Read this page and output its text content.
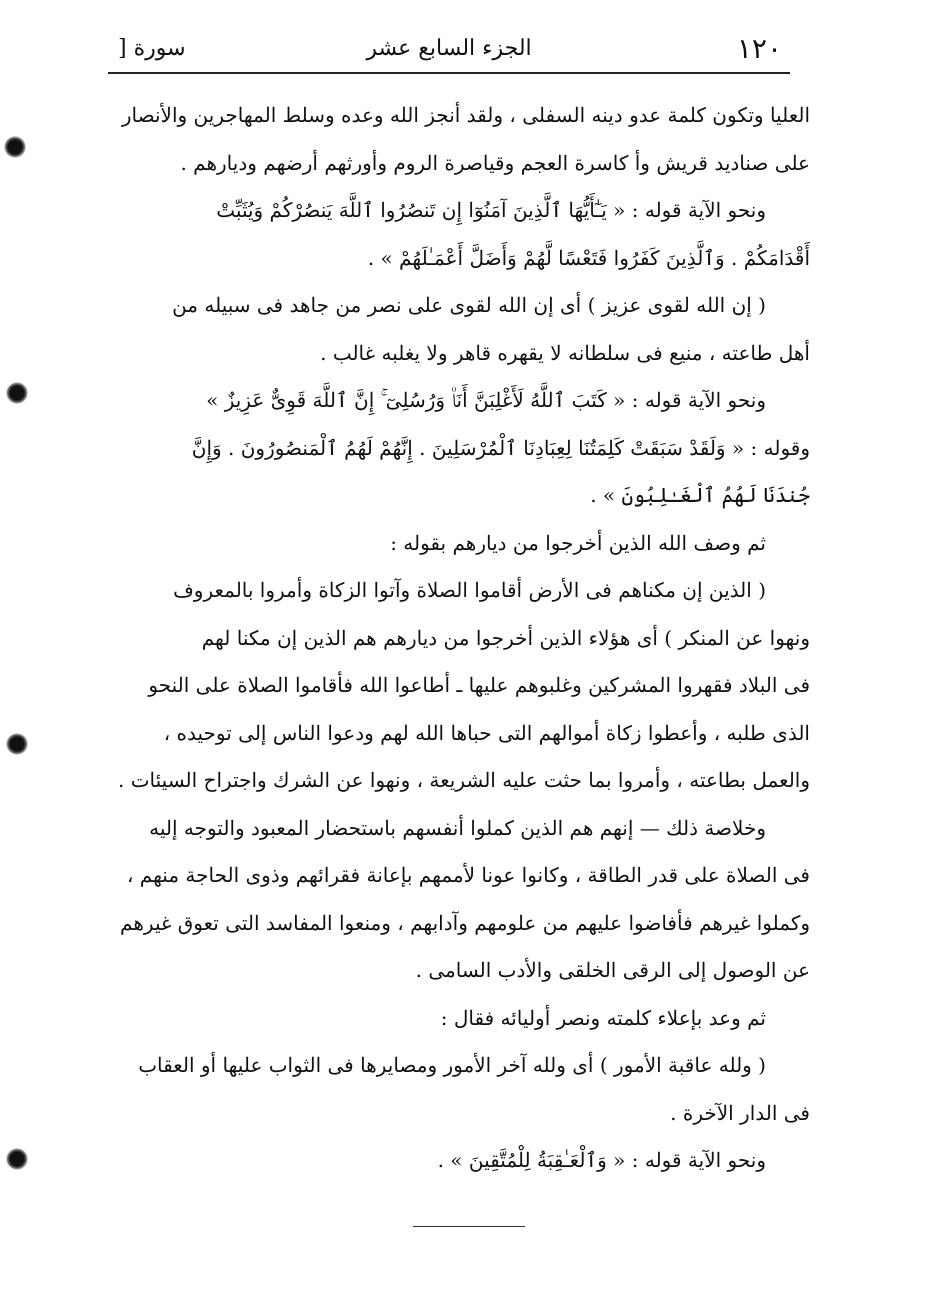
١٢٠
الجزء السابع عشر
سورة [
العليا وتكون كلمة عدو دينه السفلى ، ولقد أنجز الله وعده وسلط المهاجرين والأنصار
على صناديد قريش وأ كاسرة العجم وقياصرة الروم وأورثهم أرضهم وديارهم .
ونحو الآية قوله : « يَـٰٓأَيُّهَا ٱلَّذِينَ آمَنُوٓا إِن تَنصُرُوا ٱللَّهَ يَنصُرْكُمْ وَيُثَبِّتْ
أَقْدَامَكُمْ . وَٱلَّذِينَ كَفَرُوا فَتَعْسًا لَّهُمْ وَأَضَلَّ أَعْمَـٰلَهُمْ » .
( إن الله لقوى عزيز ) أى إن الله لقوى على نصر من جاهد فى سبيله من
أهل طاعته ، منيع فى سلطانه لا يقهره قاهر ولا يغلبه غالب .
ونحو الآية قوله : « كَتَبَ ٱللَّهُ لَأَغْلِبَنَّ أَنَا۠ وَرُسُلِىٓ ۚ إِنَّ ٱللَّهَ قَوِىٌّ عَزِيزٌ »
وقوله : « وَلَقَدْ سَبَقَتْ كَلِمَتُنَا لِعِبَادِنَا ٱلْمُرْسَلِينَ . إِنَّهُمْ لَهُمُ ٱلْمَنصُورُونَ . وَإِنَّ
جُندَنَا لَهُمُ ٱلْغَـٰلِبُونَ » .
ثم وصف الله الذين أخرجوا من ديارهم بقوله :
( الذين إن مكناهم فى الأرض أقاموا الصلاة وآتوا الزكاة وأمروا بالمعروف
ونهوا عن المنكر ) أى هؤلاء الذين أخرجوا من ديارهم هم الذين إن مكنا لهم
فى البلاد فقهروا المشركين وغلبوهم عليها ـ أطاعوا الله فأقاموا الصلاة على النحو
الذى طلبه ، وأعطوا زكاة أموالهم التى حباها الله لهم ودعوا الناس إلى توحيده ،
والعمل بطاعته ، وأمروا بما حثت عليه الشريعة ، ونهوا عن الشرك واجتراح السيئات .
وخلاصة ذلك — إنهم هم الذين كملوا أنفسهم باستحضار المعبود والتوجه إليه
فى الصلاة على قدر الطاقة ، وكانوا عونا لأممهم بإعانة فقرائهم وذوى الحاجة منهم ،
وكملوا غيرهم فأفاضوا عليهم من علومهم وآدابهم ، ومنعوا المفاسد التى تعوق غيرهم
عن الوصول إلى الرقى الخلقى والأدب السامى .
ثم وعد بإعلاء كلمته ونصر أوليائه فقال :
( ولله عاقبة الأمور ) أى ولله آخر الأمور ومصايرها فى الثواب عليها أو العقاب
فى الدار الآخرة .
ونحو الآية قوله : « وَٱلْعَـٰقِبَةُ لِلْمُتَّقِينَ » .
